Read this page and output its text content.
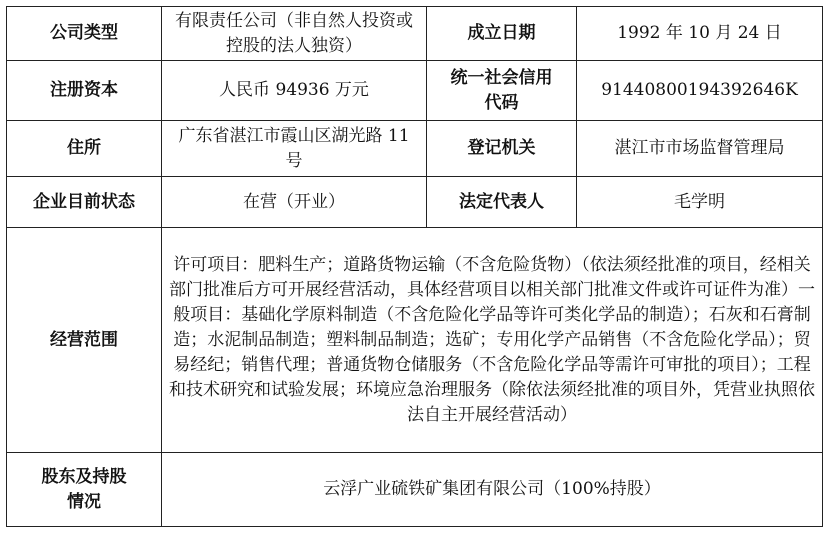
公司类型	有限责任公司（非自然人投资或控股的法人独资）	成立日期	1992 年 10 月 24 日
注册资本	人民币 94936 万元	统一社会信用代码	91440800194392646K
住所	广东省湛江市霞山区湖光路 11 号	登记机关	湛江市市场监督管理局
企业目前状态	在营（开业）	法定代表人	毛学明
经营范围	许可项目：肥料生产；道路货物运输（不含危险货物）（依法须经批准的项目，经相关部门批准后方可开展经营活动，具体经营项目以相关部门批准文件或许可证件为准）一般项目：基础化学原料制造（不含危险化学品等许可类化学品的制造）；石灰和石膏制造；水泥制品制造；塑料制品制造；选矿；专用化学产品销售（不含危险化学品）；贸易经纪；销售代理；普通货物仓储服务（不含危险化学品等需许可审批的项目）；工程和技术研究和试验发展；环境应急治理服务（除依法须经批准的项目外，凭营业执照依法自主开展经营活动）		
股东及持股情况	云浮广业硫铁矿集团有限公司（100%持股）		
